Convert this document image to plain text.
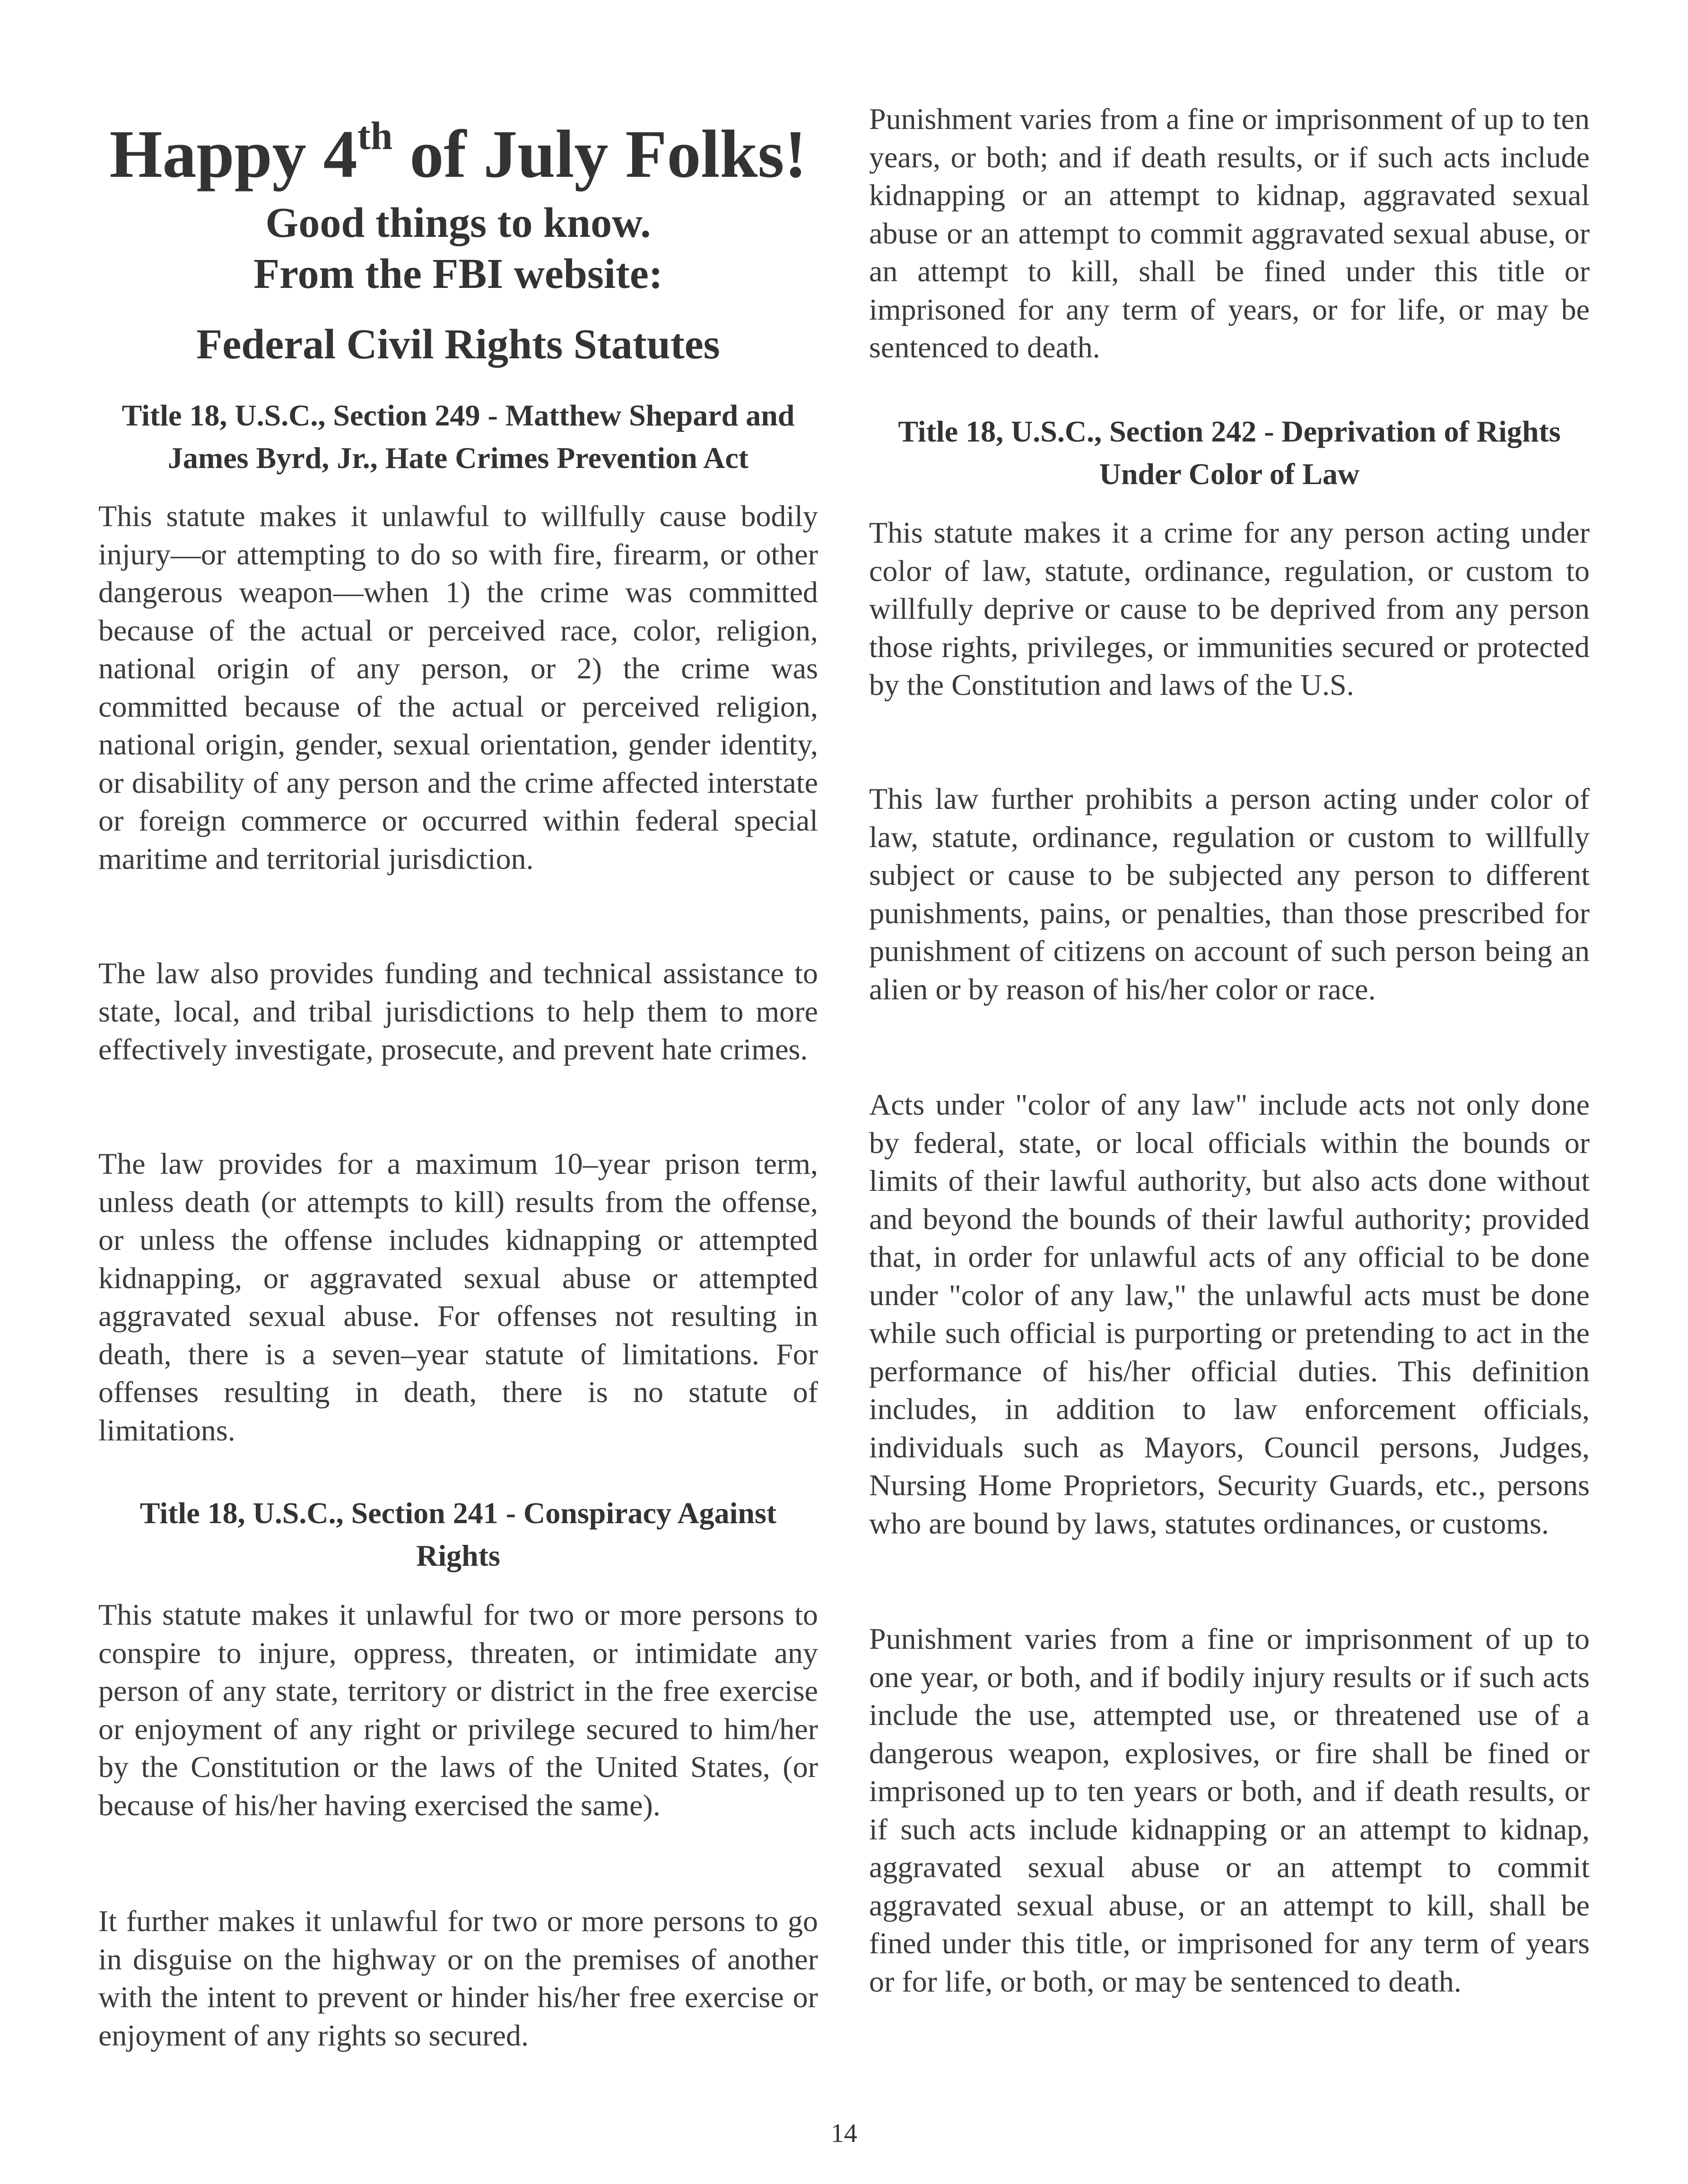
Happy 4th of July Folks!

Good things to know.

From the FBI website:

Federal Civil Rights Statutes

Title 18, U.S.C., Section 249 - Matthew Shepard and James Byrd, Jr., Hate Crimes Prevention Act

This statute makes it unlawful to willfully cause bodily injury—or attempting to do so with fire, firearm, or other dangerous weapon—when 1) the crime was committed because of the actual or perceived race, color, religion, national origin of any person, or 2) the crime was committed because of the actual or perceived religion, national origin, gender, sexual orientation, gender identity, or disability of any person and the crime affected interstate or foreign commerce or occurred within federal special maritime and territorial jurisdiction.

The law also provides funding and technical assistance to state, local, and tribal jurisdictions to help them to more effectively investigate, prosecute, and prevent hate crimes.

The law provides for a maximum 10–year prison term, unless death (or attempts to kill) results from the offense, or unless the offense includes kidnapping or attempted kidnapping, or aggravated sexual abuse or attempted aggravated sexual abuse. For offenses not resulting in death, there is a seven–year statute of limitations. For offenses resulting in death, there is no statute of limitations.

Title 18, U.S.C., Section 241 - Conspiracy Against Rights

This statute makes it unlawful for two or more persons to conspire to injure, oppress, threaten, or intimidate any person of any state, territory or district in the free exercise or enjoyment of any right or privilege secured to him/her by the Constitution or the laws of the United States, (or because of his/her having exercised the same).

It further makes it unlawful for two or more persons to go in disguise on the highway or on the premises of another with the intent to prevent or hinder his/her free exercise or enjoyment of any rights so secured.

Punishment varies from a fine or imprisonment of up to ten years, or both; and if death results, or if such acts include kidnapping or an attempt to kidnap, aggravated sexual abuse or an attempt to commit aggravated sexual abuse, or an attempt to kill, shall be fined under this title or imprisoned for any term of years, or for life, or may be sentenced to death.

Title 18, U.S.C., Section 242 - Deprivation of Rights Under Color of Law

This statute makes it a crime for any person acting under color of law, statute, ordinance, regulation, or custom to willfully deprive or cause to be deprived from any person those rights, privileges, or immunities secured or protected by the Constitution and laws of the U.S.

This law further prohibits a person acting under color of law, statute, ordinance, regulation or custom to willfully subject or cause to be subjected any person to different punishments, pains, or penalties, than those prescribed for punishment of citizens on account of such person being an alien or by reason of his/her color or race.

Acts under "color of any law" include acts not only done by federal, state, or local officials within the bounds or limits of their lawful authority, but also acts done without and beyond the bounds of their lawful authority; provided that, in order for unlawful acts of any official to be done under "color of any law," the unlawful acts must be done while such official is purporting or pretending to act in the performance of his/her official duties. This definition includes, in addition to law enforcement officials, individuals such as Mayors, Council persons, Judges, Nursing Home Proprietors, Security Guards, etc., persons who are bound by laws, statutes ordinances, or customs.

Punishment varies from a fine or imprisonment of up to one year, or both, and if bodily injury results or if such acts include the use, attempted use, or threatened use of a dangerous weapon, explosives, or fire shall be fined or imprisoned up to ten years or both, and if death results, or if such acts include kidnapping or an attempt to kidnap, aggravated sexual abuse or an attempt to commit aggravated sexual abuse, or an attempt to kill, shall be fined under this title, or imprisoned for any term of years or for life, or both, or may be sentenced to death.

14
